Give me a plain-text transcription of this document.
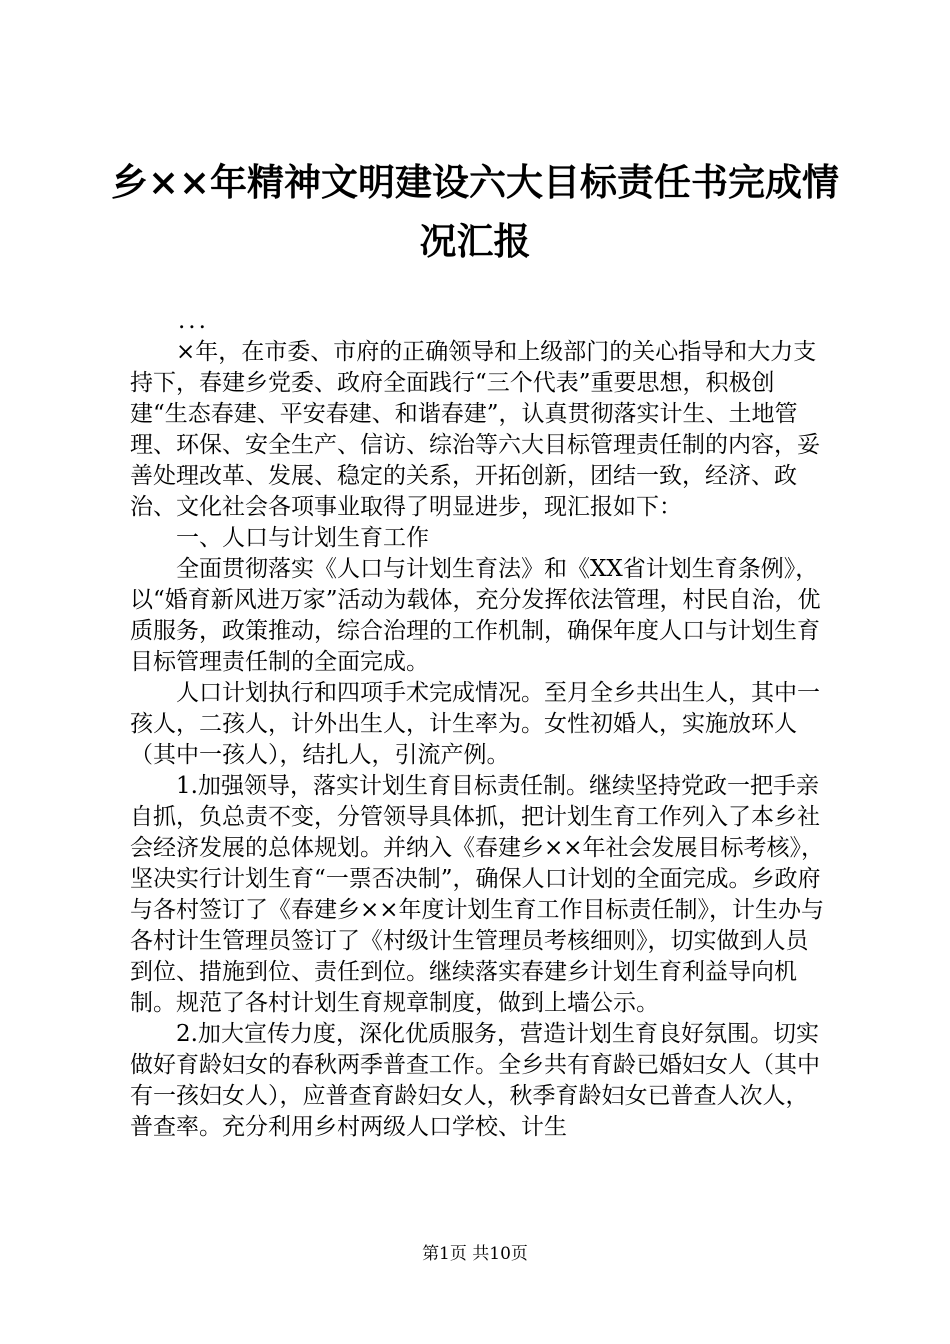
乡××年精神文明建设六大目标责任书完成情
况汇报

...

×年，在市委、市府的正确领导和上级部门的关心指导和大力支持下，春建乡党委、政府全面践行“三个代表”重要思想，积极创建“生态春建、平安春建、和谐春建”，认真贯彻落实计生、土地管理、环保、安全生产、信访、综治等六大目标管理责任制的内容，妥善处理改革、发展、稳定的关系，开拓创新，团结一致，经济、政治、文化社会各项事业取得了明显进步，现汇报如下：

一、人口与计划生育工作

全面贯彻落实《人口与计划生育法》和《XX省计划生育条例》，以“婚育新风进万家”活动为载体，充分发挥依法管理，村民自治，优质服务，政策推动，综合治理的工作机制，确保年度人口与计划生育目标管理责任制的全面完成。

人口计划执行和四项手术完成情况。至月全乡共出生人，其中一孩人，二孩人，计外出生人，计生率为。女性初婚人，实施放环人（其中一孩人），结扎人，引流产例。

1.加强领导，落实计划生育目标责任制。继续坚持党政一把手亲自抓，负总责不变，分管领导具体抓，把计划生育工作列入了本乡社会经济发展的总体规划。并纳入《春建乡××年社会发展目标考核》，坚决实行计划生育“一票否决制”，确保人口计划的全面完成。乡政府与各村签订了《春建乡××年度计划生育工作目标责任制》，计生办与各村计生管理员签订了《村级计生管理员考核细则》，切实做到人员到位、措施到位、责任到位。继续落实春建乡计划生育利益导向机制。规范了各村计划生育规章制度，做到上墙公示。

2.加大宣传力度，深化优质服务，营造计划生育良好氛围。切实做好育龄妇女的春秋两季普查工作。全乡共有育龄已婚妇女人（其中有一孩妇女人），应普查育龄妇女人，秋季育龄妇女已普查人次人，普查率。充分利用乡村两级人口学校、计生

第1页 共10页
